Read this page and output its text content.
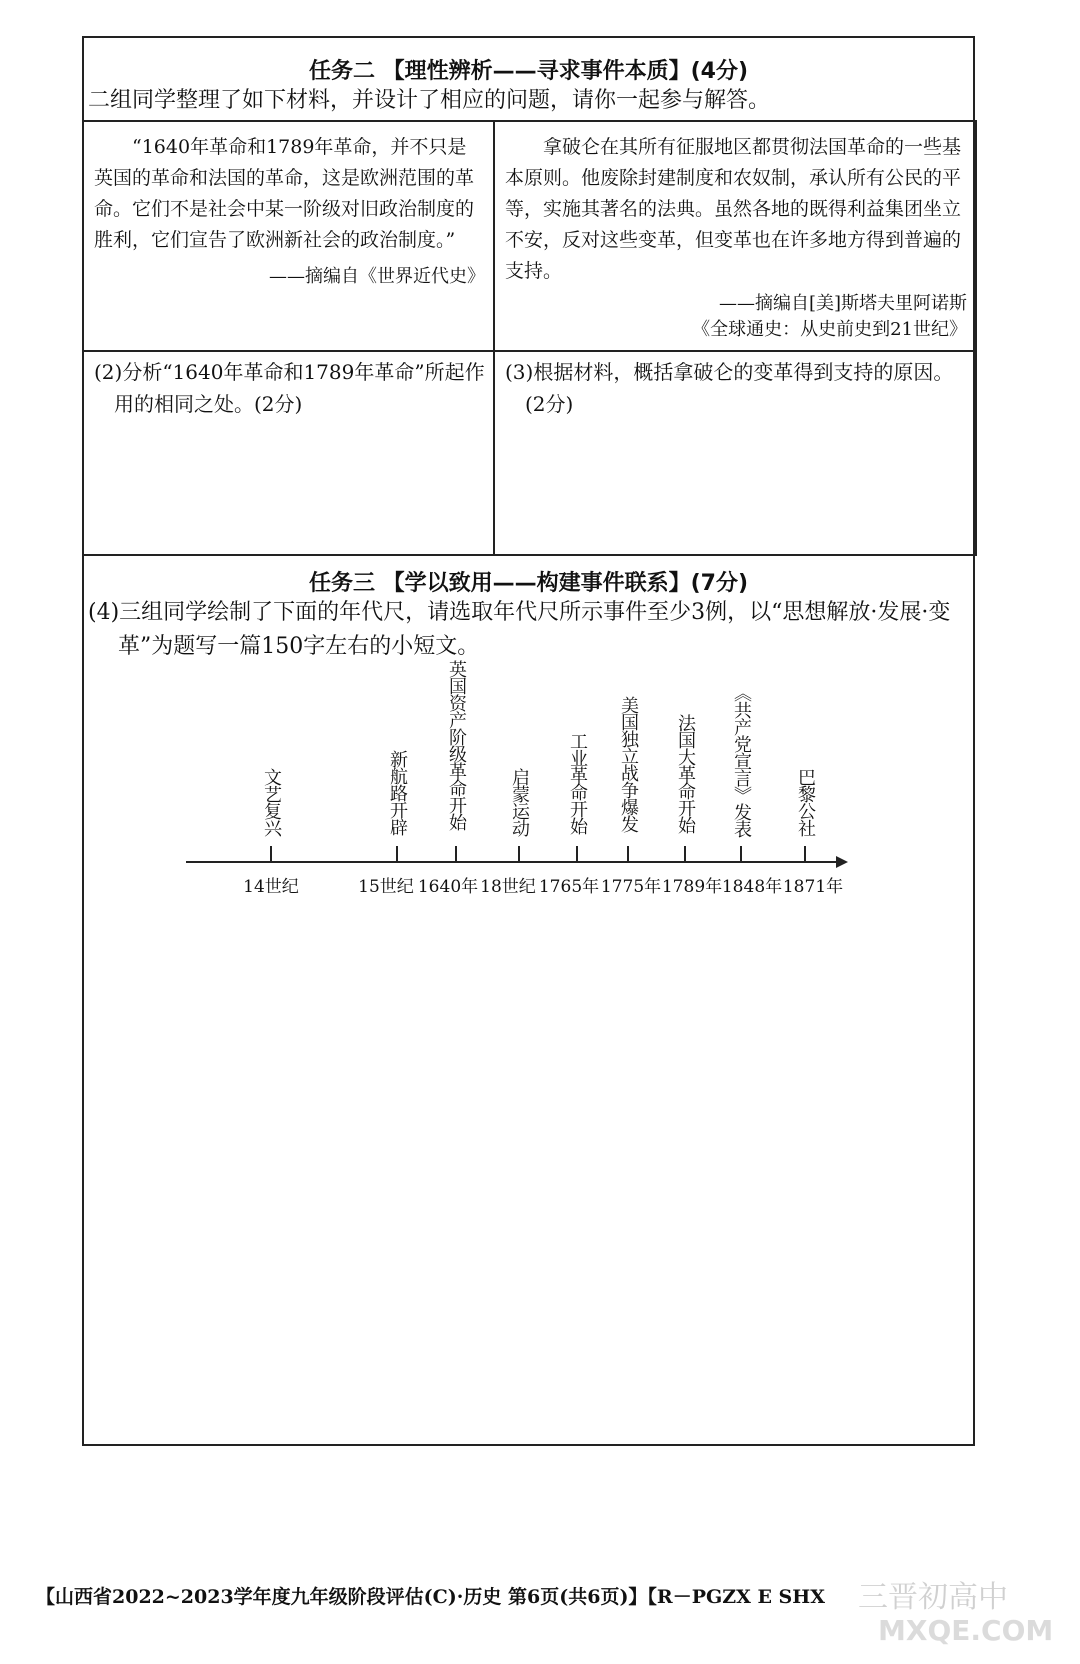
任务二 【理性辨析——寻求事件本质】(4分)
二组同学整理了如下材料，并设计了相应的问题，请你一起参与解答。

“1640年革命和1789年革命，并不只是英国的革命和法国的革命，这是欧洲范围的革命。它们不是社会中某一阶级对旧政治制度的胜利，它们宣告了欧洲新社会的政治制度。”

——摘编自《世界近代史》

拿破仑在其所有征服地区都贯彻法国革命的一些基本原则。他废除封建制度和农奴制，承认所有公民的平等，实施其著名的法典。虽然各地的既得利益集团坐立不安，反对这些变革，但变革也在许多地方得到普遍的支持。

——摘编自[美]斯塔夫里阿诺斯

《全球通史：从史前史到21世纪》

(2)分析“1640年革命和1789年革命”所起作用的相同之处。(2分)

(3)根据材料，概括拿破仑的变革得到支持的原因。(2分)

任务三 【学以致用——构建事件联系】(7分)
(4)三组同学绘制了下面的年代尺，请选取年代尺所示事件至少3例，以“思想解放·发展·变革”为题写一篇150字左右的小短文。
文艺复兴	新航路开辟 英国资产阶级革命开始 启蒙运动 工业革命开始 美国独立战争爆发 法国大革命开始 《共产党宣言》发表 巴黎公社
14世纪	15世纪 1640年 18世纪 1765年 1775年 1789年 1848年 1871年
【山西省2022~2023学年度九年级阶段评估(C)·历史 第6页(共6页)】【R－PGZX E SHX 三晋初高中
MXQE.COM
